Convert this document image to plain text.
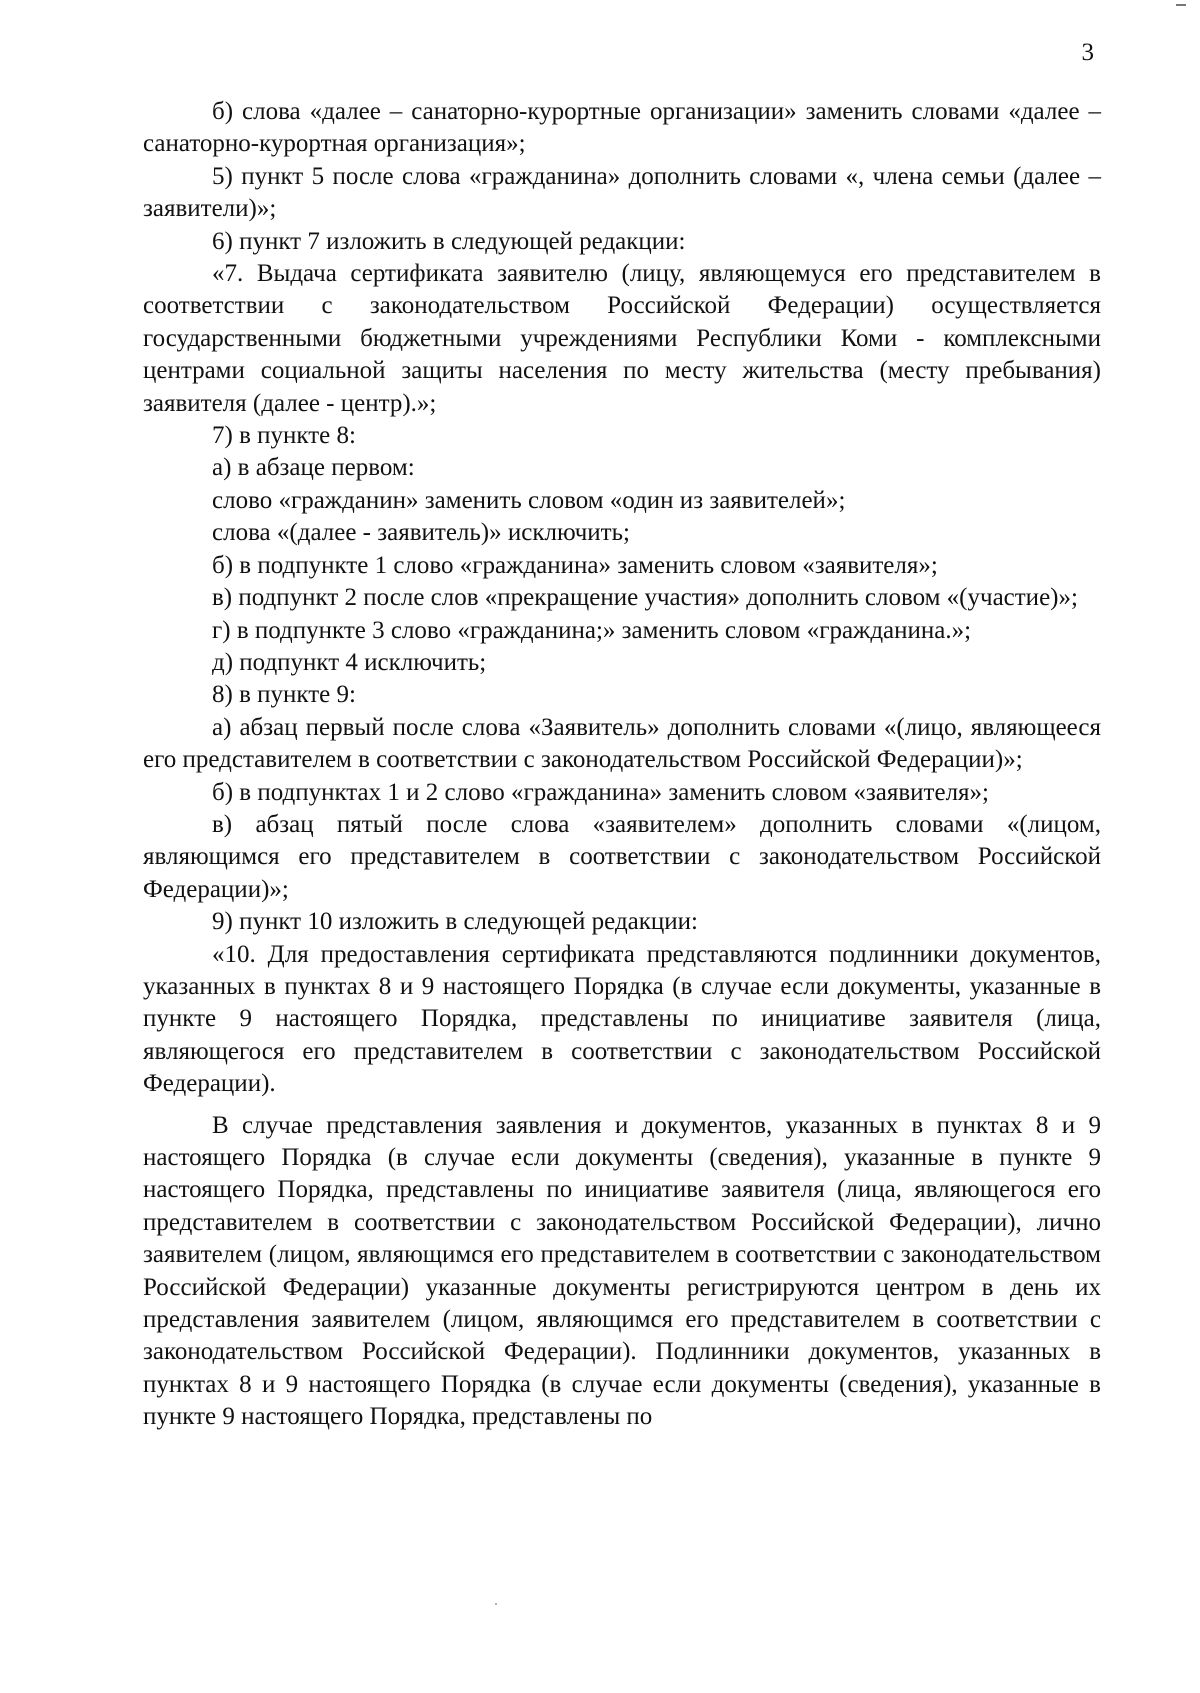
3

б) слова «далее – санаторно-курортные организации» заменить словами «далее – санаторно-курортная организация»;

5) пункт 5 после слова «гражданина» дополнить словами «, члена семьи (далее – заявители)»;

6) пункт 7 изложить в следующей редакции:

«7. Выдача сертификата заявителю (лицу, являющемуся его представителем в соответствии с законодательством Российской Федерации) осуществляется государственными бюджетными учреждениями Республики Коми - комплексными центрами социальной защиты населения по месту жительства (месту пребывания) заявителя (далее - центр).»;

7) в пункте 8:

а) в абзаце первом:

слово «гражданин» заменить словом «один из заявителей»;

слова «(далее - заявитель)» исключить;

б) в подпункте 1 слово «гражданина» заменить словом «заявителя»;

в) подпункт 2 после слов «прекращение участия» дополнить словом «(участие)»;

г) в подпункте 3 слово «гражданина;» заменить словом «гражданина.»;

д) подпункт 4 исключить;

8) в пункте 9:

а) абзац первый после слова «Заявитель» дополнить словами «(лицо, являющееся его представителем в соответствии с законодательством Российской Федерации)»;

б) в подпунктах 1 и 2 слово «гражданина» заменить словом «заявителя»;

в) абзац пятый после слова «заявителем» дополнить словами «(лицом, являющимся его представителем в соответствии с законодательством Российской Федерации)»;

9) пункт 10 изложить в следующей редакции:

«10. Для предоставления сертификата представляются подлинники документов, указанных в пунктах 8 и 9 настоящего Порядка (в случае если документы, указанные в пункте 9 настоящего Порядка, представлены по инициативе заявителя (лица, являющегося его представителем в соответствии с законодательством Российской Федерации).

В случае представления заявления и документов, указанных в пунктах 8 и 9 настоящего Порядка (в случае если документы (сведения), указанные в пункте 9 настоящего Порядка, представлены по инициативе заявителя (лица, являющегося его представителем в соответствии с законодательством Российской Федерации), лично заявителем (лицом, являющимся его представителем в соответствии с законодательством Российской Федерации) указанные документы регистрируются центром в день их представления заявителем (лицом, являющимся его представителем в соответствии с законодательством Российской Федерации). Подлинники документов, указанных в пунктах 8 и 9 настоящего Порядка (в случае если документы (сведения), указанные в пункте 9 настоящего Порядка, представлены по
